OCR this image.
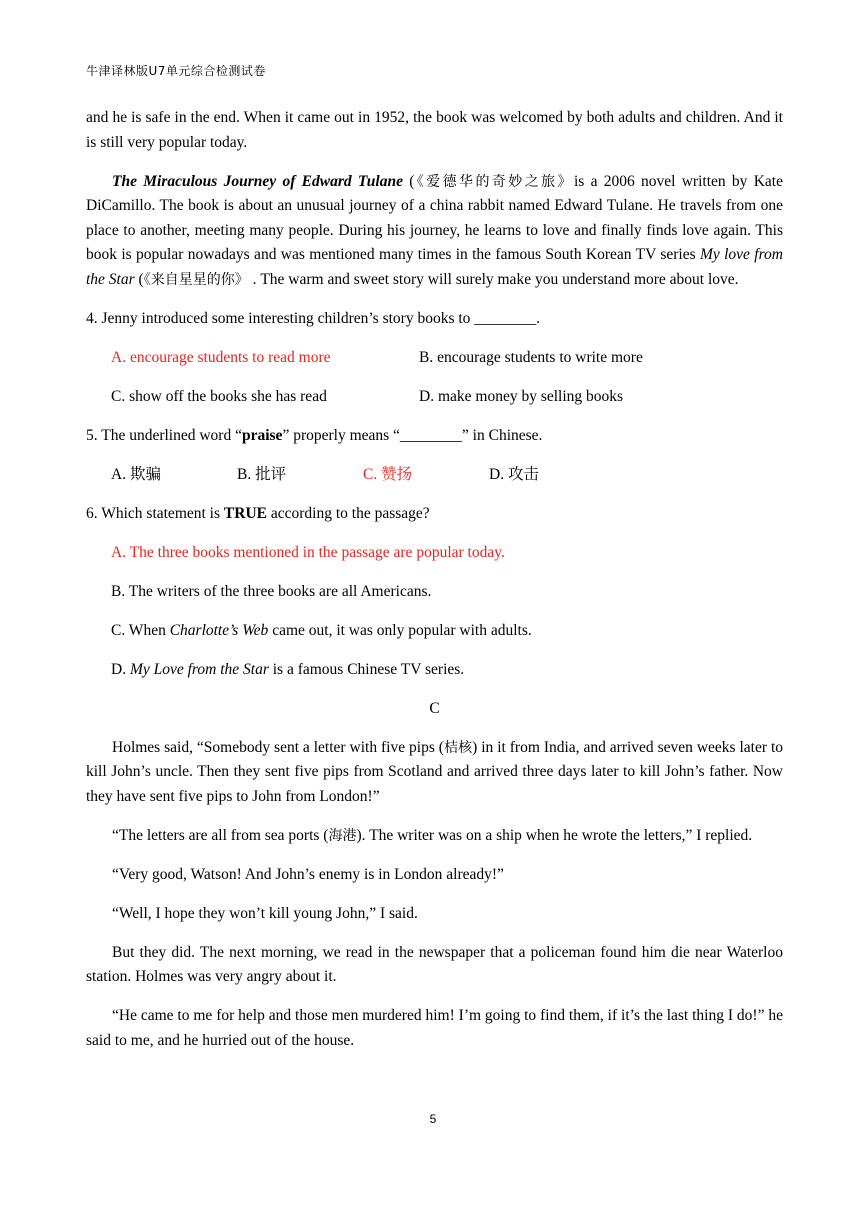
牛津译林版U7单元综合检测试卷

and he is safe in the end. When it came out in 1952, the book was welcomed by both adults and children. And it is still very popular today.

The Miraculous Journey of Edward Tulane (《爱德华的奇妙之旅》is a 2006 novel written by Kate DiCamillo. The book is about an unusual journey of a china rabbit named Edward Tulane. He travels from one place to another, meeting many people. During his journey, he learns to love and finally finds love again. This book is popular nowadays and was mentioned many times in the famous South Korean TV series My love from the Star (《来自星星的你》 . The warm and sweet story will surely make you understand more about love.

4. Jenny introduced some interesting children’s story books to ________.

A. encourage students to read more	B. encourage students to write more
C. show off the books she has read	D. make money by selling books

5. The underlined word “praise” properly means “________” in Chinese.

A. 欺骗	B. 批评	C. 赞扬	D. 攻击

6. Which statement is TRUE according to the passage?

A. The three books mentioned in the passage are popular today.

B. The writers of the three books are all Americans.

C. When Charlotte’s Web came out, it was only popular with adults.

D. My Love from the Star is a famous Chinese TV series.

C

Holmes said, “Somebody sent a letter with five pips (桔核) in it from India, and arrived seven weeks later to kill John’s uncle. Then they sent five pips from Scotland and arrived three days later to kill John’s father. Now they have sent five pips to John from London!”

“The letters are all from sea ports (海港). The writer was on a ship when he wrote the letters,” I replied.

“Very good, Watson! And John’s enemy is in London already!”

“Well, I hope they won’t kill young John,” I said.

But they did. The next morning, we read in the newspaper that a policeman found him die near Waterloo station. Holmes was very angry about it.

“He came to me for help and those men murdered him! I’m going to find them, if it’s the last thing I do!” he said to me, and he hurried out of the house.

5
